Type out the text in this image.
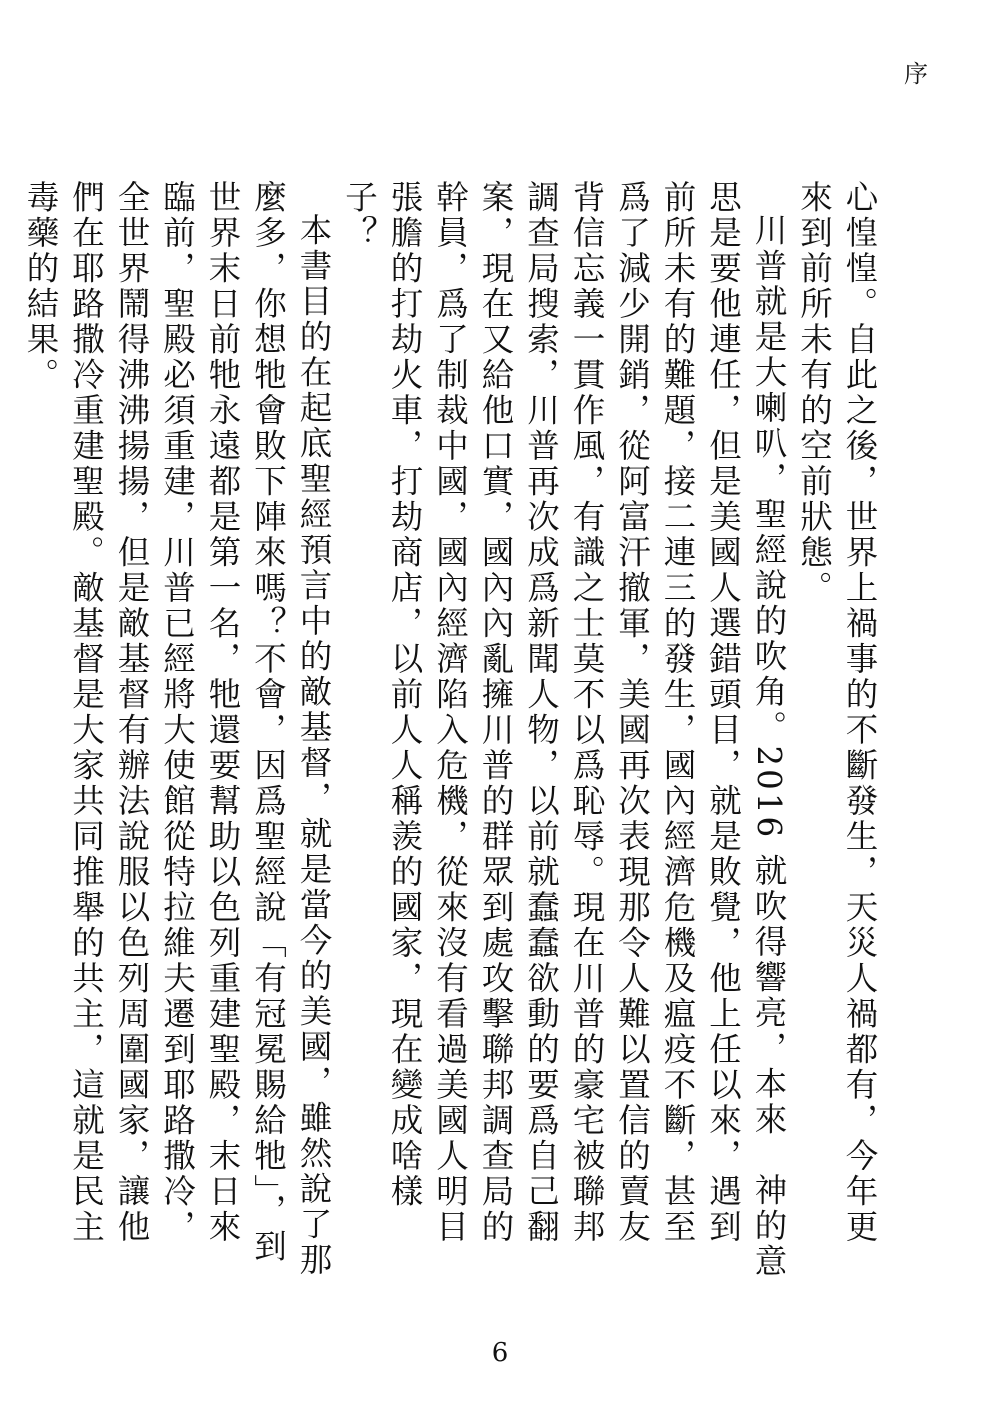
序

心惶惶。自此之後，世界上禍事的不斷發生，天災人禍都有，今年更來到前所未有的空前狀態。

川普就是大喇叭，聖經說的吹角。2016 就吹得響亮，本來　神的意思是要他連任，但是美國人選錯頭目，就是敗覺，他上任以來，遇到前所未有的難題，接二連三的發生，國內經濟危機及瘟疫不斷，甚至爲了減少開銷，從阿富汗撤軍，美國再次表現那令人難以置信的賣友背信忘義一貫作風，有識之士莫不以爲恥辱。現在川普的豪宅被聯邦調查局搜索，川普再次成爲新聞人物，以前就蠢蠢欲動的要爲自己翻案，現在又給他口實，國內內亂擁川普的群眾到處攻擊聯邦調查局的幹員，爲了制裁中國，國內經濟陷入危機，從來沒有看過美國人明目張膽的打劫火車，打劫商店，以前人人稱羨的國家，現在變成啥樣子？

本書目的在起底聖經預言中的敵基督，就是當今的美國，雖然說了那麼多，你想牠會敗下陣來嗎？不會，因爲聖經說「有冠冕賜給牠」，到世界末日前牠永遠都是第一名，牠還要幫助以色列重建聖殿，末日來臨前，聖殿必須重建，川普已經將大使館從特拉維夫遷到耶路撒冷，全世界鬧得沸沸揚揚，但是敵基督有辦法說服以色列周圍國家，讓他們在耶路撒冷重建聖殿。敵基督是大家共同推舉的共主，這就是民主毒藥的結果。

6
